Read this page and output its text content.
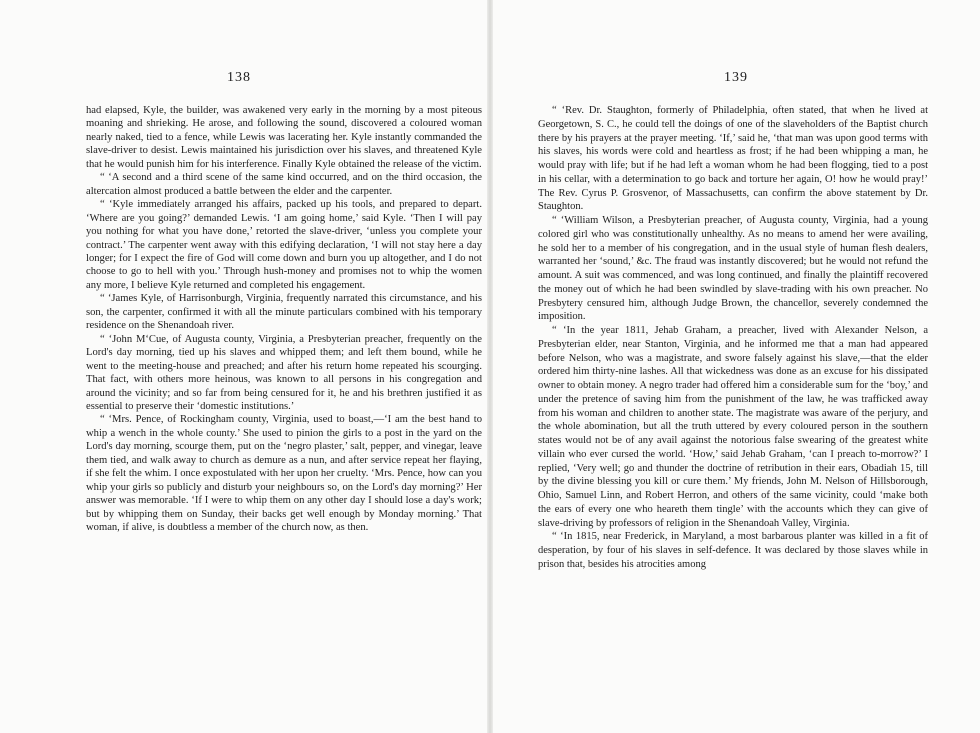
138

had elapsed, Kyle, the builder, was awakened very early in the morning by a most piteous moaning and shrieking. He arose, and following the sound, discovered a coloured woman nearly naked, tied to a fence, while Lewis was lacerating her. Kyle instantly commanded the slave-driver to desist. Lewis maintained his jurisdiction over his slaves, and threatened Kyle that he would punish him for his interference. Finally Kyle obtained the release of the victim.

“ ‘A second and a third scene of the same kind occurred, and on the third occasion, the altercation almost produced a battle between the elder and the carpenter.

“ ‘Kyle immediately arranged his affairs, packed up his tools, and prepared to depart. ‘Where are you going?’ demanded Lewis. ‘I am going home,’ said Kyle. ‘Then I will pay you nothing for what you have done,’ retorted the slave-driver, ‘unless you complete your contract.’ The carpenter went away with this edifying declaration, ‘I will not stay here a day longer; for I expect the fire of God will come down and burn you up altogether, and I do not choose to go to hell with you.’ Through hush-money and promises not to whip the women any more, I believe Kyle returned and completed his engagement.

“ ‘James Kyle, of Harrisonburgh, Virginia, frequently narrated this circumstance, and his son, the carpenter, confirmed it with all the minute particulars combined with his temporary residence on the Shenandoah river.

“ ‘John M‘Cue, of Augusta county, Virginia, a Presbyterian preacher, frequently on the Lord's day morning, tied up his slaves and whipped them; and left them bound, while he went to the meeting-house and preached; and after his return home repeated his scourging. That fact, with others more heinous, was known to all persons in his congregation and around the vicinity; and so far from being censured for it, he and his brethren justified it as essential to preserve their ‘domestic institutions.’

“ ‘Mrs. Pence, of Rockingham county, Virginia, used to boast,—‘I am the best hand to whip a wench in the whole county.’ She used to pinion the girls to a post in the yard on the Lord's day morning, scourge them, put on the ‘negro plaster,’ salt, pepper, and vinegar, leave them tied, and walk away to church as demure as a nun, and after service repeat her flaying, if she felt the whim. I once expostulated with her upon her cruelty. ‘Mrs. Pence, how can you whip your girls so publicly and disturb your neighbours so, on the Lord's day morning?’ Her answer was memorable. ‘If I were to whip them on any other day I should lose a day's work; but by whipping them on Sunday, their backs get well enough by Monday morning.’ That woman, if alive, is doubtless a member of the church now, as then.

139

“ ‘Rev. Dr. Staughton, formerly of Philadelphia, often stated, that when he lived at Georgetown, S. C., he could tell the doings of one of the slaveholders of the Baptist church there by his prayers at the prayer meeting. ‘If,’ said he, ‘that man was upon good terms with his slaves, his words were cold and heartless as frost; if he had been whipping a man, he would pray with life; but if he had left a woman whom he had been flogging, tied to a post in his cellar, with a determination to go back and torture her again, O! how he would pray!’ The Rev. Cyrus P. Grosvenor, of Massachusetts, can confirm the above statement by Dr. Staughton.

“ ‘William Wilson, a Presbyterian preacher, of Augusta county, Virginia, had a young colored girl who was constitutionally unhealthy. As no means to amend her were availing, he sold her to a member of his congregation, and in the usual style of human flesh dealers, warranted her ‘sound,’ &c. The fraud was instantly discovered; but he would not refund the amount. A suit was commenced, and was long continued, and finally the plaintiff recovered the money out of which he had been swindled by slave-trading with his own preacher. No Presbytery censured him, although Judge Brown, the chancellor, severely condemned the imposition.

“ ‘In the year 1811, Jehab Graham, a preacher, lived with Alexander Nelson, a Presbyterian elder, near Stanton, Virginia, and he informed me that a man had appeared before Nelson, who was a magistrate, and swore falsely against his slave,—that the elder ordered him thirty-nine lashes. All that wickedness was done as an excuse for his dissipated owner to obtain money. A negro trader had offered him a considerable sum for the ‘boy,’ and under the pretence of saving him from the punishment of the law, he was trafficked away from his woman and children to another state. The magistrate was aware of the perjury, and the whole abomination, but all the truth uttered by every coloured person in the southern states would not be of any avail against the notorious false swearing of the greatest white villain who ever cursed the world. ‘How,’ said Jehab Graham, ‘can I preach to-morrow?’ I replied, ‘Very well; go and thunder the doctrine of retribution in their ears, Obadiah 15, till by the divine blessing you kill or cure them.’ My friends, John M. Nelson of Hillsborough, Ohio, Samuel Linn, and Robert Herron, and others of the same vicinity, could ‘make both the ears of every one who heareth them tingle’ with the accounts which they can give of slave-driving by professors of religion in the Shenandoah Valley, Virginia.

“ ‘In 1815, near Frederick, in Maryland, a most barbarous planter was killed in a fit of desperation, by four of his slaves in self-defence. It was declared by those slaves while in prison that, besides his atrocities among
